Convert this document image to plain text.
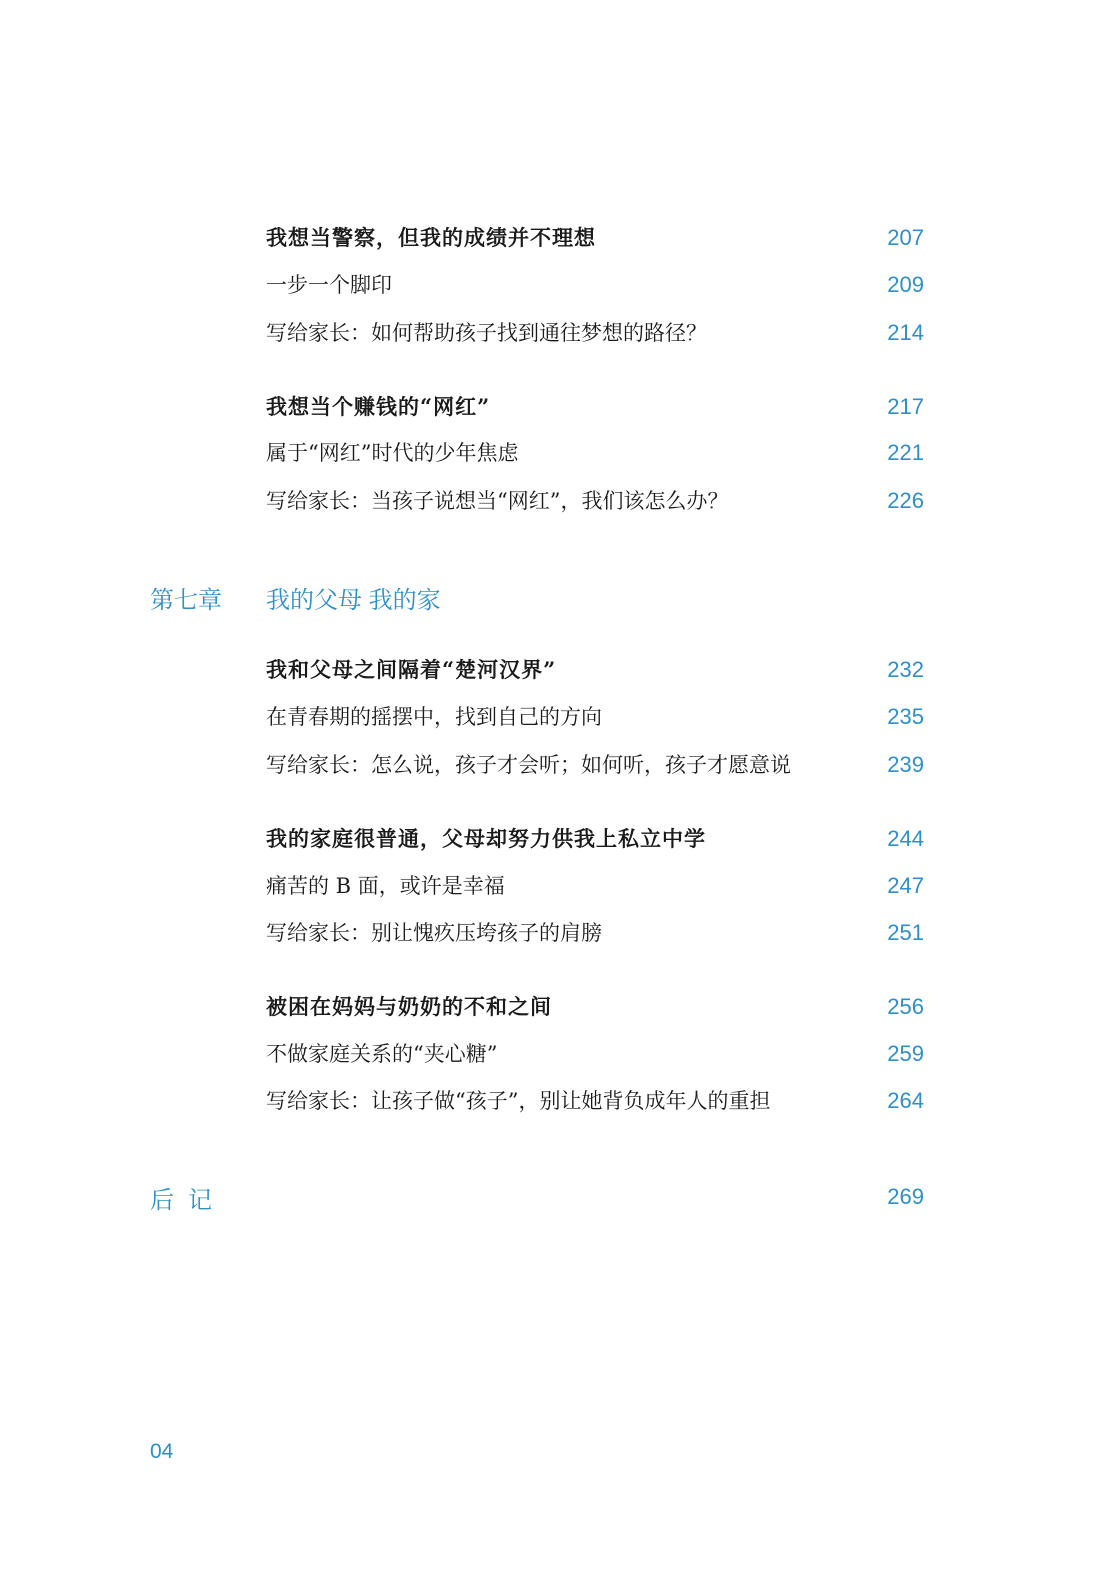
我想当警察，但我的成绩并不理想	207
一步一个脚印	209
写给家长：如何帮助孩子找到通往梦想的路径？	214
我想当个赚钱的“网红”	217
属于“网红”时代的少年焦虑	221
写给家长：当孩子说想当“网红”，我们该怎么办？	226
第七章	我的父母 我的家
我和父母之间隔着“楚河汉界”	232
在青春期的摇摆中，找到自己的方向	235
写给家长：怎么说，孩子才会听；如何听，孩子才愿意说	239
我的家庭很普通，父母却努力供我上私立中学	244
痛苦的 B 面，或许是幸福	247
写给家长：别让愧疚压垮孩子的肩膀	251
被困在妈妈与奶奶的不和之间	256
不做家庭关系的“夹心糖”	259
写给家长：让孩子做“孩子”，别让她背负成年人的重担	264
后记	269
04
